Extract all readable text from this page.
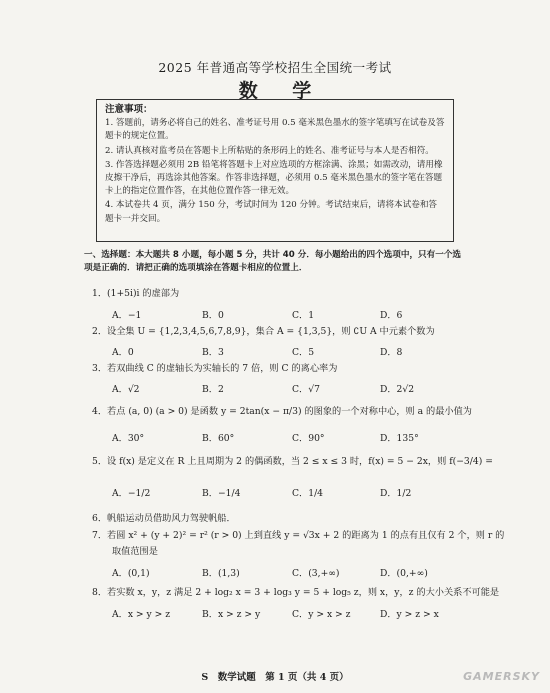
2025 年普通高等学校招生全国统一考试
数 学
注意事项：
1. 答题前，请务必将自己的姓名、准考证号用 0.5 毫米黑色墨水的签字笔填写在试卷及答题卡的规定位置。
2. 请认真核对监考员在答题卡上所粘贴的条形码上的姓名、准考证号与本人是否相符。
3. 作答选择题必须用 2B 铅笔将答题卡上对应选项的方框涂满、涂黑；如需改动，请用橡皮擦干净后，再选涂其他答案。作答非选择题，必须用 0.5 毫米黑色墨水的签字笔在答题卡上的指定位置作答，在其他位置作答一律无效。
4. 本试卷共 4 页，满分 150 分，考试时间为 120 分钟。考试结束后，请将本试卷和答题卡一并交回。
一、选择题：本大题共 8 小题，每小题 5 分，共计 40 分．每小题给出的四个选项中，只有一个选项是正确的．请把正确的选项填涂在答题卡相应的位置上．
1．(1+5i)i 的虚部为
A．−1	B．0	C．1	D．6
2．设全集 U = {1,2,3,4,5,6,7,8,9}，集合 A = {1,3,5}，则 ∁U A 中元素个数为
A．0	B．3	C．5	D．8
3．若双曲线 C 的虚轴长为实轴长的 7 倍，则 C 的离心率为
A．√2	B．2	C．√7	D．2√2
4．若点 (a, 0) (a > 0) 是函数 y = 2tan(x − π/3) 的图象的一个对称中心，则 a 的最小值为
A．30°	B．60°	C．90°	D．135°
5．设 f(x) 是定义在 R 上且周期为 2 的偶函数，当 2 ≤ x ≤ 3 时，f(x) = 5 − 2x，则 f(−3/4) =
A．−1/2	B．−1/4	C．1/4	D．1/2
6．帆船运动员借助风力驾驶帆船．
7．若圆 x² + (y + 2)² = r² (r > 0) 上到直线 y = √3x + 2 的距离为 1 的点有且仅有 2 个，则 r 的
取值范围是
A．(0,1)	B．(1,3)	C．(3,+∞)	D．(0,+∞)
8．若实数 x，y，z 满足 2 + log₂ x = 3 + log₃ y = 5 + log₅ z，则 x，y，z 的大小关系不可能是
A．x > y > z	B．x > z > y	C．y > x > z	D．y > z > x
S　数学试题　第 1 页（共 4 页）	GAMERSKY
